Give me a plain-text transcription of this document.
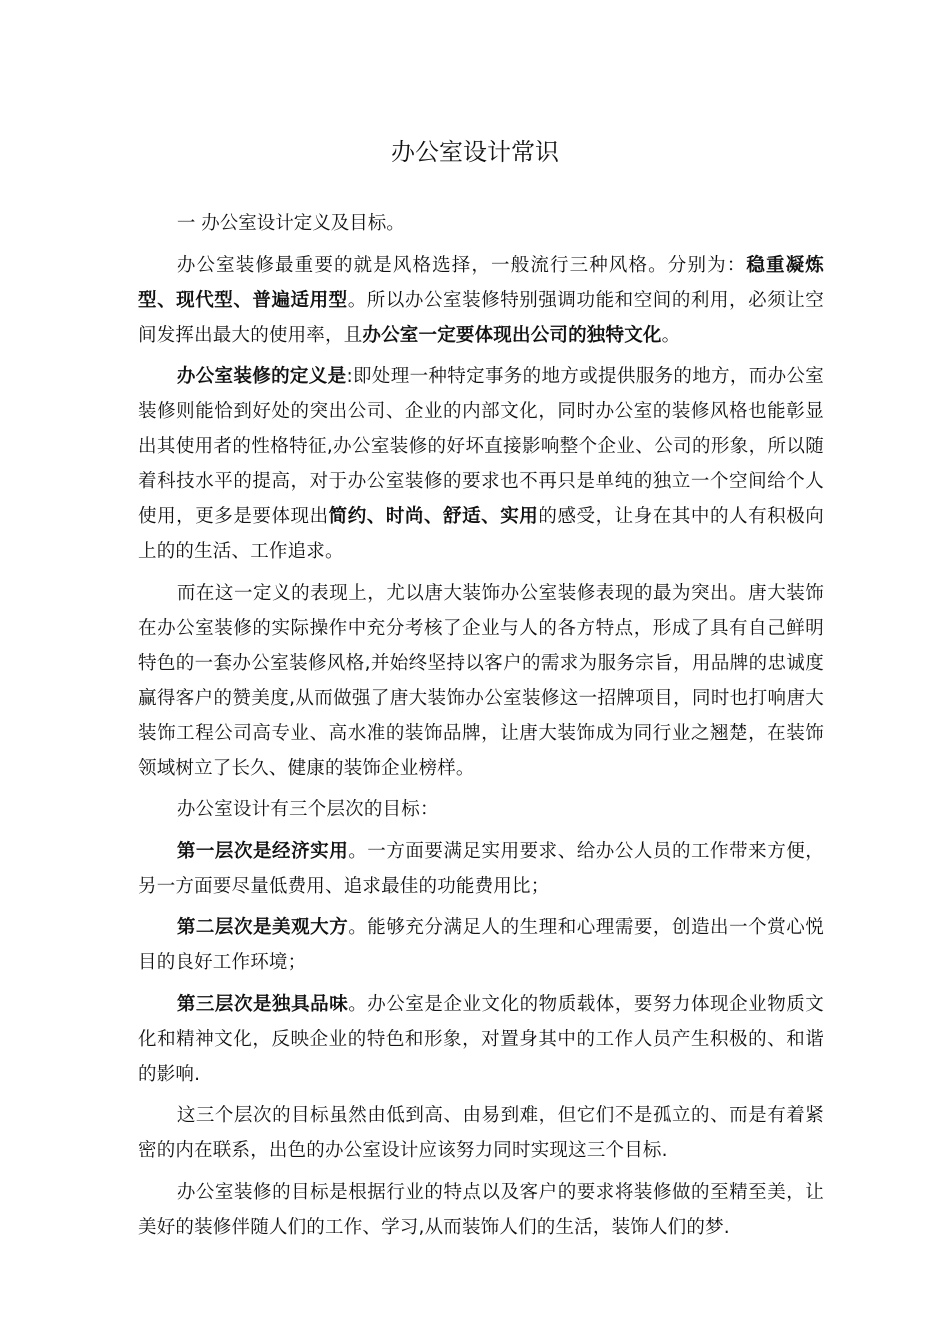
办公室设计常识

一 办公室设计定义及目标。

办公室装修最重要的就是风格选择，一般流行三种风格。分别为：稳重凝炼型、现代型、普遍适用型。所以办公室装修特别强调功能和空间的利用，必须让空间发挥出最大的使用率，且办公室一定要体现出公司的独特文化。

办公室装修的定义是:即处理一种特定事务的地方或提供服务的地方，而办公室装修则能恰到好处的突出公司、企业的内部文化，同时办公室的装修风格也能彰显出其使用者的性格特征,办公室装修的好坏直接影响整个企业、公司的形象，所以随着科技水平的提高，对于办公室装修的要求也不再只是单纯的独立一个空间给个人使用，更多是要体现出简约、时尚、舒适、实用的感受，让身在其中的人有积极向上的的生活、工作追求。

而在这一定义的表现上，尤以唐大装饰办公室装修表现的最为突出。唐大装饰在办公室装修的实际操作中充分考核了企业与人的各方特点，形成了具有自己鲜明特色的一套办公室装修风格,并始终坚持以客户的需求为服务宗旨，用品牌的忠诚度赢得客户的赞美度,从而做强了唐大装饰办公室装修这一招牌项目，同时也打响唐大装饰工程公司高专业、高水准的装饰品牌，让唐大装饰成为同行业之翘楚，在装饰领域树立了长久、健康的装饰企业榜样。

办公室设计有三个层次的目标：

第一层次是经济实用。一方面要满足实用要求、给办公人员的工作带来方便，另一方面要尽量低费用、追求最佳的功能费用比；

第二层次是美观大方。能够充分满足人的生理和心理需要，创造出一个赏心悦目的良好工作环境；

第三层次是独具品味。办公室是企业文化的物质载体，要努力体现企业物质文化和精神文化，反映企业的特色和形象，对置身其中的工作人员产生积极的、和谐的影响.

这三个层次的目标虽然由低到高、由易到难，但它们不是孤立的、而是有着紧密的内在联系，出色的办公室设计应该努力同时实现这三个目标.

办公室装修的目标是根据行业的特点以及客户的要求将装修做的至精至美，让美好的装修伴随人们的工作、学习,从而装饰人们的生活，装饰人们的梦.
